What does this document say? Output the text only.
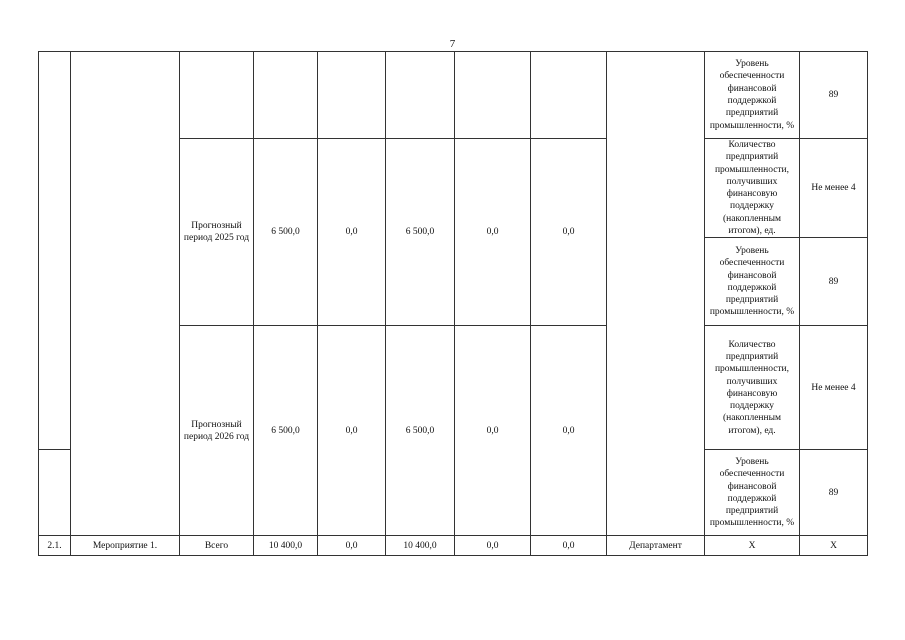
7
									Уровень обеспеченности финансовой поддержкой предприятий промышленности, %	89
		Прогнозный период 2025 год	6 500,0	0,0	6 500,0	0,0	0,0		Количество предприятий промышленности, получивших финансовую поддержку (накопленным итогом), ед.	Не менее 4
									Уровень обеспеченности финансовой поддержкой предприятий промышленности, %	89
		Прогнозный период 2026 год	6 500,0	0,0	6 500,0	0,0	0,0		Количество предприятий промышленности, получивших финансовую поддержку (накопленным итогом), ед.	Не менее 4
									Уровень обеспеченности финансовой поддержкой предприятий промышленности, %	89
2.1.	Мероприятие 1.	Всего	10 400,0	0,0	10 400,0	0,0	0,0	Департамент	Х	Х
